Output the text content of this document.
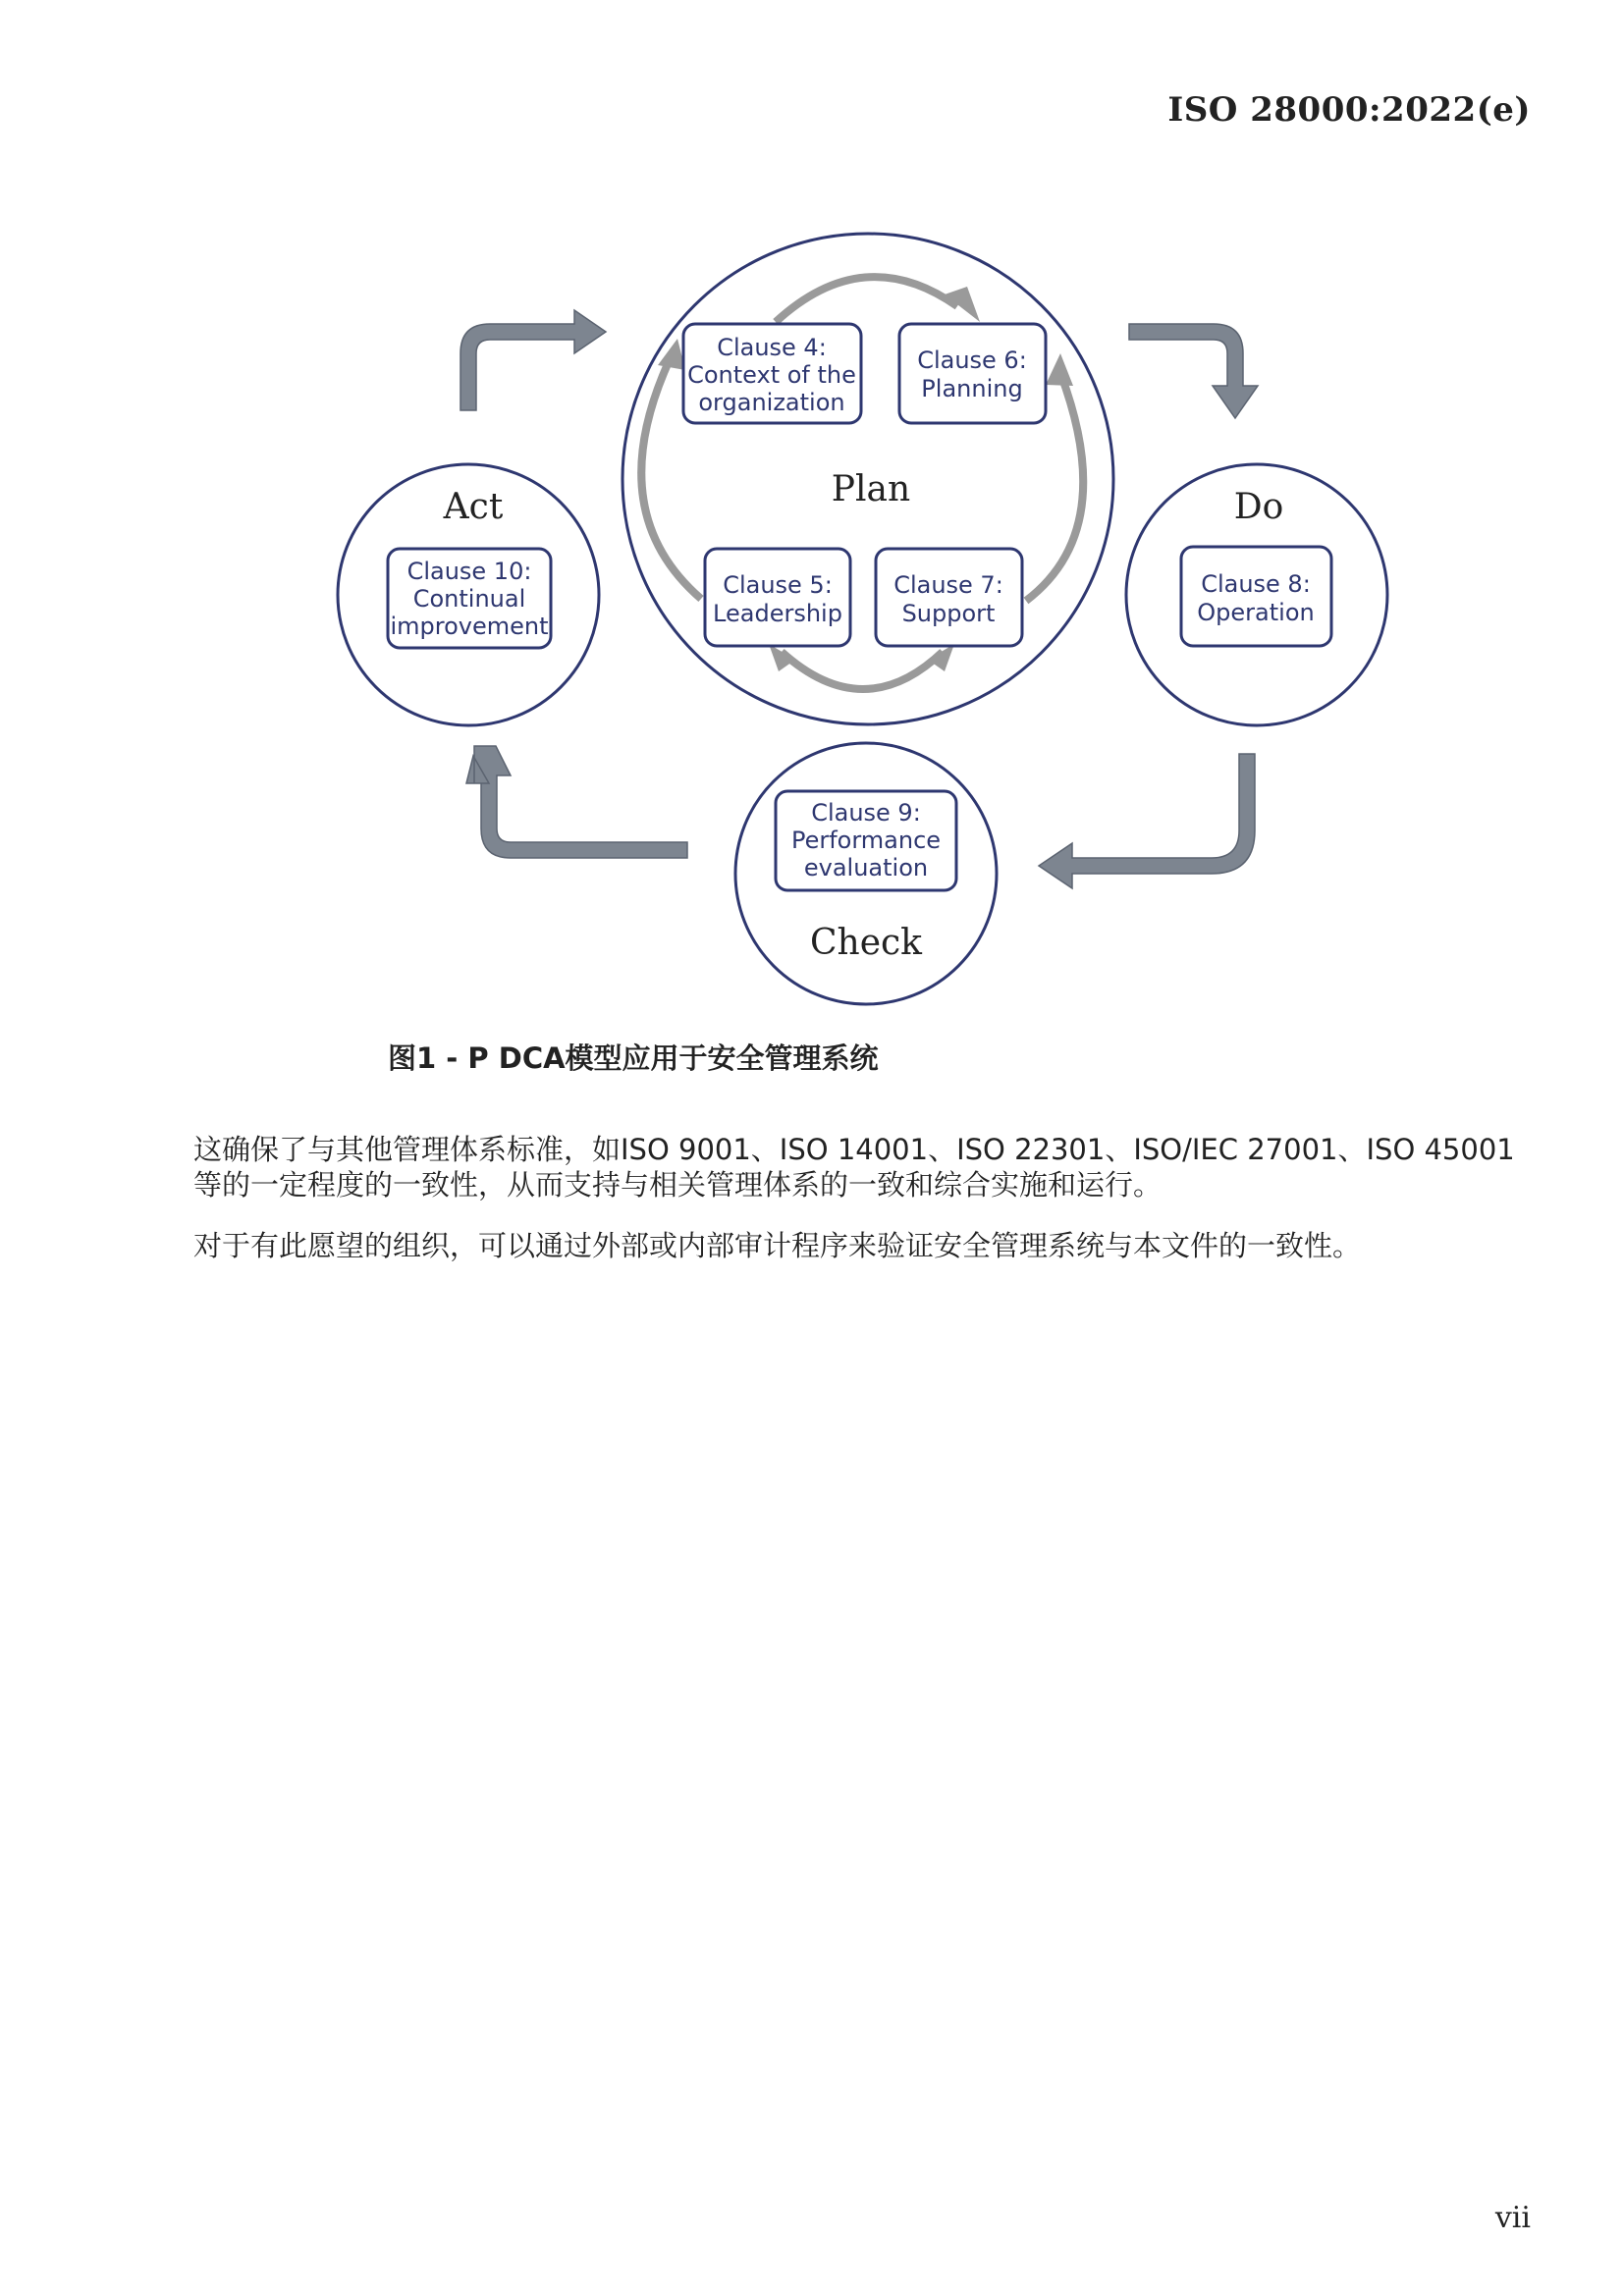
ISO 28000:2022(e)
Plan
Clause 4:
Context of the
organization
Clause 6:
Planning
Clause 5:
Leadership
Clause 7:
Support
Act
Clause 10:
Continual
improvement
Do
Clause 8:
Operation
Clause 9:
Performance
evaluation
Check
图1 - P DCA模型应用于安全管理系统
这确保了与其他管理体系标准，如ISO 9001、ISO 14001、ISO 22301、ISO/IEC 27001、ISO 45001等的一定程度的一致性，从而支持与相关管理体系的一致和综合实施和运行。
对于有此愿望的组织，可以通过外部或内部审计程序来验证安全管理系统与本文件的一致性。
vii
